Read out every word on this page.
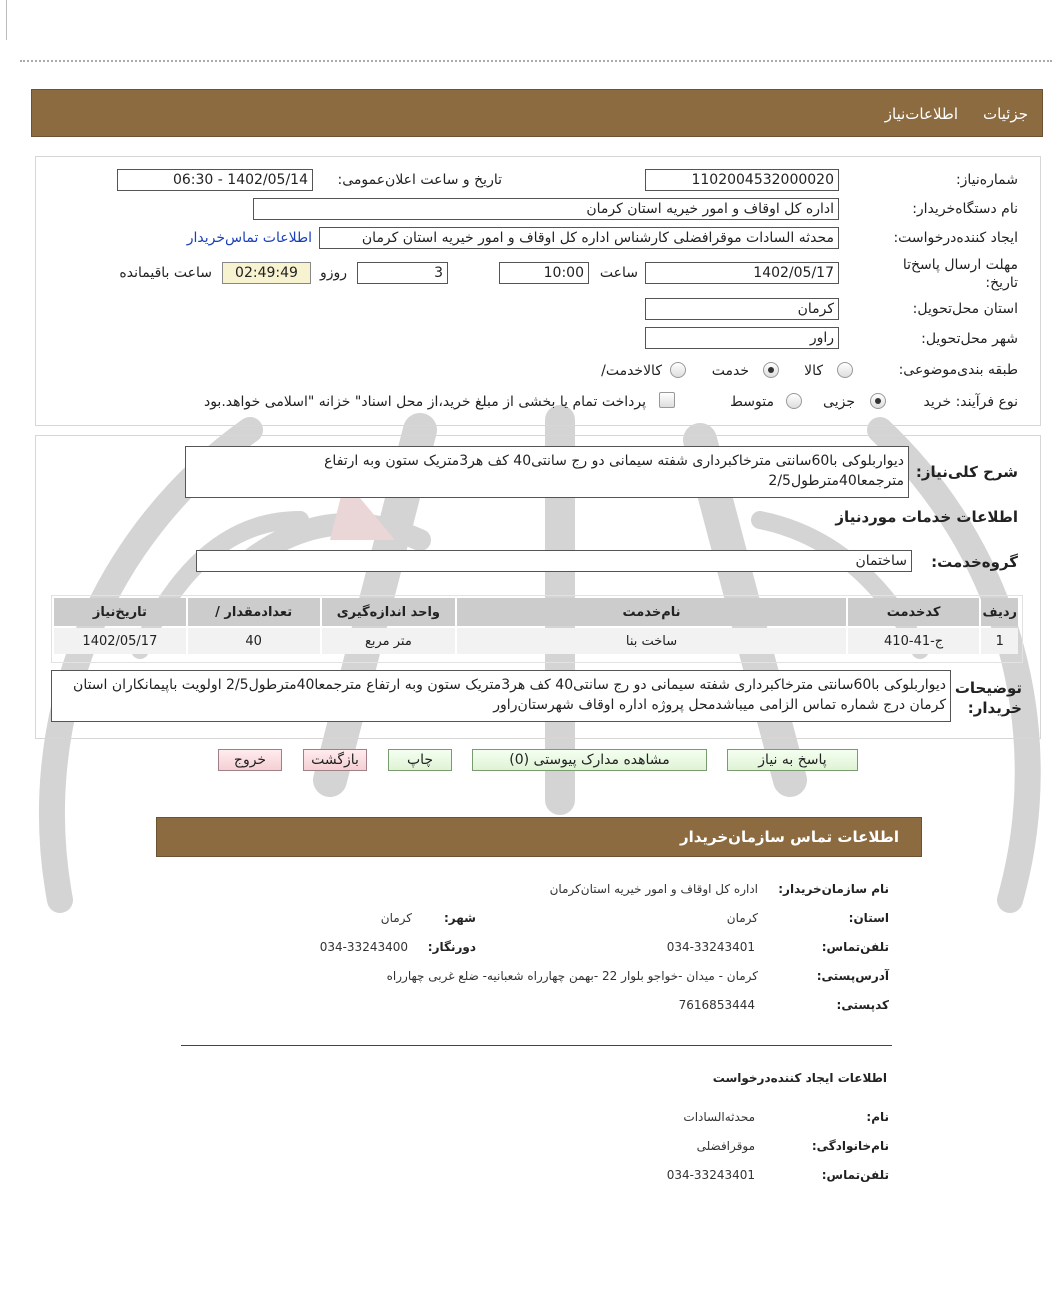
جزئیات
اطلاعات‌نیاز
شماره‌نیاز:
1102004532000020
تاریخ و ساعت اعلان‌عمومی:
1402/05/14 - 06:30
نام دستگاه‌خریدار:
اداره کل اوقاف و امور خیریه استان کرمان
ایجاد کننده‌درخواست:
محدثه السادات موقرافضلی کارشناس اداره کل اوقاف و امور خیریه استان کرمان
اطلاعات تماس‌خریدار
مهلت ارسال پاسخ‌تا تاریخ:
1402/05/17
ساعت
10:00
3
روزو
02:49:49
ساعت باقیمانده
استان محل‌تحویل:
کرمان
شهر محل‌تحویل:
راور
طبقه بندی‌موضوعی:
کالا
خدمت
کالاخدمت/
نوع فرآیند: خرید
جزیی
متوسط
پرداخت تمام یا بخشی از مبلغ خرید،از محل اسناد" خزانه "اسلامی خواهد.بود
شرح کلی‌نیاز:
دیواربلوکی با60سانتی مترخاکبرداری شفته سیمانی دو رج سانتی40 کف هر3متریک ستون وبه ارتفاع مترجمعا40مترطول2/5
اطلاعات خدمات موردنیاز
گروه‌خدمت:
ساختمان
ردیف	کدخدمت	نام‌خدمت	واحد اندازه‌گیری	تعدادمقدار /	تاریخ‌نیاز
1	ج-41-410	ساخت بنا	متر مربع	40	1402/05/17
توضیحات خریدار:
دیواربلوکی با60سانتی مترخاکبرداری شفته سیمانی دو رج سانتی40 کف هر3متریک ستون وبه ارتفاع مترجمعا40مترطول2/5 اولویت باپیمانکاران استان کرمان درج شماره تماس الزامی میباشدمحل پروژه اداره اوقاف شهرستان‌راور
پاسخ به نیاز
مشاهده مدارک پیوستی (0)
چاپ
بازگشت
خروج
اطلاعات تماس سازمان‌خریدار
نام سازمان‌خریدار:
اداره کل اوقاف و امور خیریه استان‌کرمان
استان:
کرمان
شهر:
کرمان
تلفن‌تماس:
034-33243401
دورنگار:
034-33243400
آدرس‌پستی:
کرمان - میدان -خواجو بلوار 22 -بهمن چهارراه شعبانیه- ضلع غربی چهارراه
کد‌پستی:
7616853444
اطلاعات ایجاد کننده‌درخواست
نام:
محدثه‌السادات
نام‌خانوادگی:
موقرافضلی
تلفن‌تماس:
034-33243401
